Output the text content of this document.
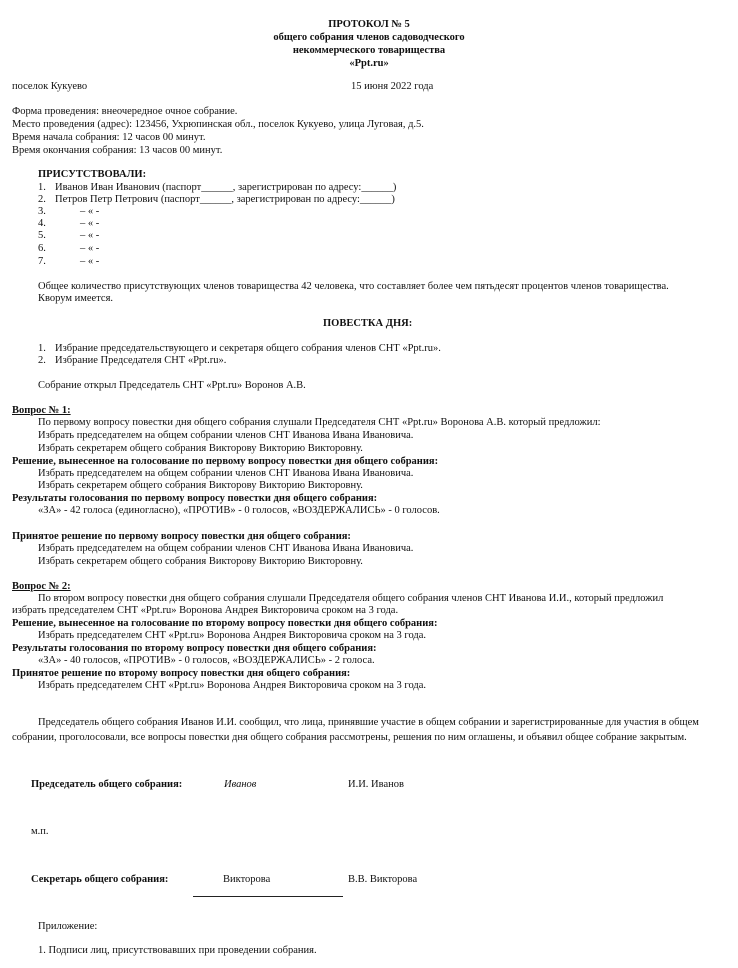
ПРОТОКОЛ № 5
общего собрания членов садоводческого
некоммерческого товарищества
«Ppt.ru»
поселок Кукуево	15 июня 2022 года
Форма проведения: внеочередное очное собрание.
Место проведения (адрес): 123456, Ухрюпинская обл., поселок Кукуево, улица Луговая, д.5.
Время начала собрания: 12 часов 00 минут.
Время окончания собрания: 13 часов 00 минут.
ПРИСУТСТВОВАЛИ:
1. Иванов Иван Иванович (паспорт______, зарегистрирован по адресу:______)
2. Петров Петр Петрович (паспорт______, зарегистрирован по адресу:______)
3.	– « -
4.	– « -
5.	– « -
6.	– « -
7.	– « -
Общее количество присутствующих членов товарищества 42 человека, что составляет более чем пятьдесят процентов членов товарищества.
Кворум имеется.
ПОВЕСТКА ДНЯ:
1. Избрание председательствующего и секретаря общего собрания членов СНТ «Ppt.ru».
2. Избрание Председателя СНТ «Ppt.ru».
Собрание открыл Председатель СНТ «Ppt.ru» Воронов А.В.
Вопрос № 1:
По первому вопросу повестки дня общего собрания слушали Председателя СНТ «Ppt.ru» Воронова А.В. который предложил:
Избрать председателем на общем собрании членов СНТ Иванова Ивана Ивановича.
Избрать секретарем общего собрания Викторову Викторию Викторовну.
Решение, вынесенное на голосование по первому вопросу повестки дня общего собрания:
Избрать председателем на общем собрании членов СНТ Иванова Ивана Ивановича.
Избрать секретарем общего собрания Викторову Викторию Викторовну.
Результаты голосования по первому вопросу повестки дня общего собрания:
«ЗА» - 42 голоса (единогласно), «ПРОТИВ» - 0 голосов, «ВОЗДЕРЖАЛИСЬ» - 0 голосов.
Принятое решение по первому вопросу повестки дня общего собрания:
Избрать председателем на общем собрании членов СНТ Иванова Ивана Ивановича.
Избрать секретарем общего собрания Викторову Викторию Викторовну.
Вопрос № 2:
По втором вопросу повестки дня общего собрания слушали Председателя общего собрания членов СНТ Иванова И.И., который предложил
избрать председателем СНТ «Ppt.ru» Воронова Андрея Викторовича сроком на 3 года.
Решение, вынесенное на голосование по второму вопросу повестки дня общего собрания:
Избрать председателем СНТ «Ppt.ru» Воронова Андрея Викторовича сроком на 3 года.
Результаты голосования по второму вопросу повестки дня общего собрания:
«ЗА» - 40 голосов, «ПРОТИВ» - 0 голосов, «ВОЗДЕРЖАЛИСЬ» - 2 голоса.
Принятое решение по второму вопросу повестки дня общего собрания:
Избрать председателем СНТ «Ppt.ru» Воронова Андрея Викторовича сроком на 3 года.
Председатель общего собрания Иванов И.И. сообщил, что лица, принявшие участие в общем собрании и зарегистрированные для участия в общем
собрании, проголосовали, все вопросы повестки дня общего собрания рассмотрены, решения по ним оглашены, и объявил общее собрание закрытым.
Председатель общего собрания:	Иванов	И.И. Иванов
м.п.
Секретарь общего собрания:	Викторова	В.В. Викторова
Приложение:
1. Подписи лиц, присутствовавших при проведении собрания.
